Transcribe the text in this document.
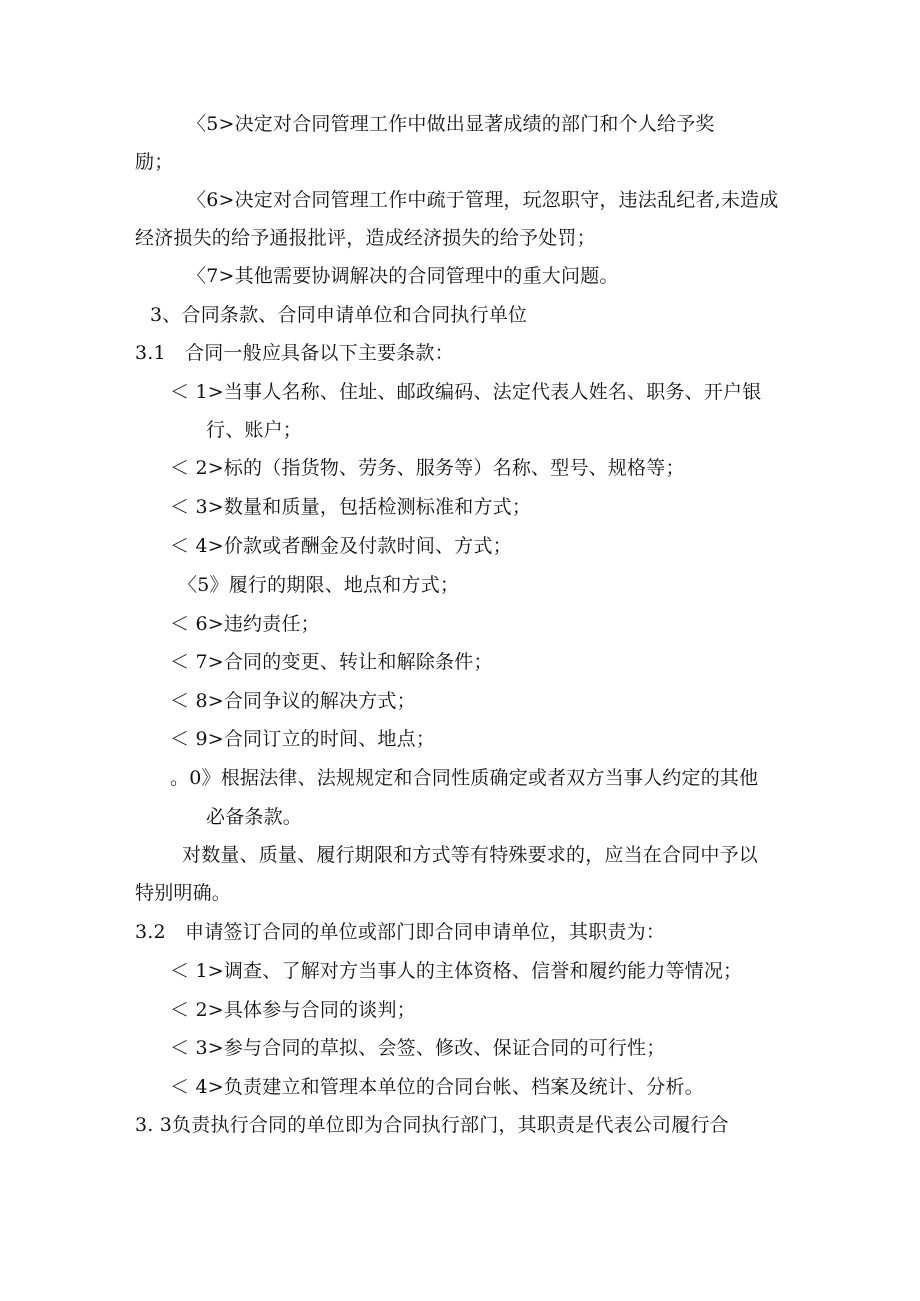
〈5>决定对合同管理工作中做出显著成绩的部门和个人给予奖
励；
〈6>决定对合同管理工作中疏于管理，玩忽职守，违法乱纪者,未造成
经济损失的给予通报批评，造成经济损失的给予处罚；
〈7>其他需要协调解决的合同管理中的重大问题。
3、合同条款、合同申请单位和合同执行单位
3.1　合同一般应具备以下主要条款：
＜ 1>当事人名称、住址、邮政编码、法定代表人姓名、职务、开户银
行、账户；
＜ 2>标的（指货物、劳务、服务等）名称、型号、规格等；
＜ 3>数量和质量，包括检测标准和方式；
＜ 4>价款或者酬金及付款时间、方式；
〈5》履行的期限、地点和方式；
＜ 6>违约责任；
＜ 7>合同的变更、转让和解除条件；
＜ 8>合同争议的解决方式；
＜ 9>合同订立的时间、地点；
。0》根据法律、法规规定和合同性质确定或者双方当事人约定的其他
必备条款。
对数量、质量、履行期限和方式等有特殊要求的，应当在合同中予以
特别明确。
3.2　申请签订合同的单位或部门即合同申请单位，其职责为：
＜ 1>调查、了解对方当事人的主体资格、信誉和履约能力等情况；
＜ 2>具体参与合同的谈判；
＜ 3>参与合同的草拟、会签、修改、保证合同的可行性；
＜ 4>负责建立和管理本单位的合同台帐、档案及统计、分析。
3. 3负责执行合同的单位即为合同执行部门，其职责是代表公司履行合
